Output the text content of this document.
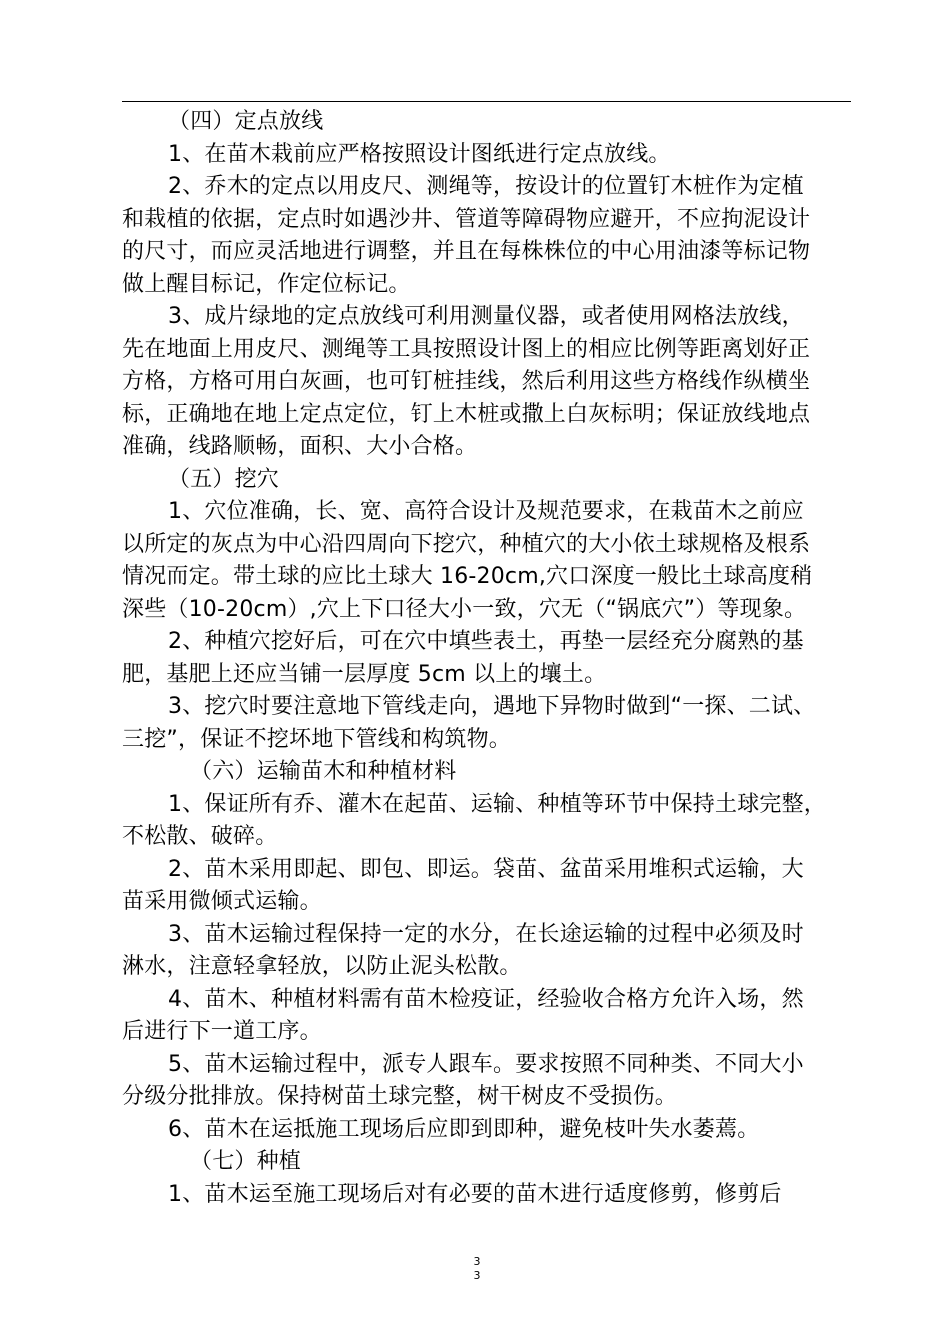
（四）定点放线
1、在苗木栽前应严格按照设计图纸进行定点放线。
2、乔木的定点以用皮尺、测绳等，按设计的位置钉木桩作为定植
和栽植的依据，定点时如遇沙井、管道等障碍物应避开，不应拘泥设计
的尺寸，而应灵活地进行调整，并且在每株株位的中心用油漆等标记物
做上醒目标记，作定位标记。
3、成片绿地的定点放线可利用测量仪器，或者使用网格法放线，
先在地面上用皮尺、测绳等工具按照设计图上的相应比例等距离划好正
方格，方格可用白灰画，也可钉桩挂线，然后利用这些方格线作纵横坐
标，正确地在地上定点定位，钉上木桩或撒上白灰标明；保证放线地点
准确，线路顺畅，面积、大小合格。
（五）挖穴
1、穴位准确，长、宽、高符合设计及规范要求，在栽苗木之前应
以所定的灰点为中心沿四周向下挖穴，种植穴的大小依土球规格及根系
情况而定。带土球的应比土球大 16-20cm,穴口深度一般比土球高度稍
深些（10-20cm）,穴上下口径大小一致，穴无（“锅底穴”）等现象。
2、种植穴挖好后，可在穴中填些表土，再垫一层经充分腐熟的基
肥，基肥上还应当铺一层厚度 5cm 以上的壤土。
3、挖穴时要注意地下管线走向，遇地下异物时做到“一探、二试、
三挖”，保证不挖坏地下管线和构筑物。
（六）运输苗木和种植材料
1、保证所有乔、灌木在起苗、运输、种植等环节中保持土球完整，
不松散、破碎。
2、苗木采用即起、即包、即运。袋苗、盆苗采用堆积式运输，大
苗采用微倾式运输。
3、苗木运输过程保持一定的水分，在长途运输的过程中必须及时
淋水，注意轻拿轻放，以防止泥头松散。
4、苗木、种植材料需有苗木检疫证，经验收合格方允许入场，然
后进行下一道工序。
5、苗木运输过程中，派专人跟车。要求按照不同种类、不同大小
分级分批排放。保持树苗土球完整，树干树皮不受损伤。
6、苗木在运抵施工现场后应即到即种，避免枝叶失水萎蔫。
（七）种植
1、苗木运至施工现场后对有必要的苗木进行适度修剪，修剪后
3
3
